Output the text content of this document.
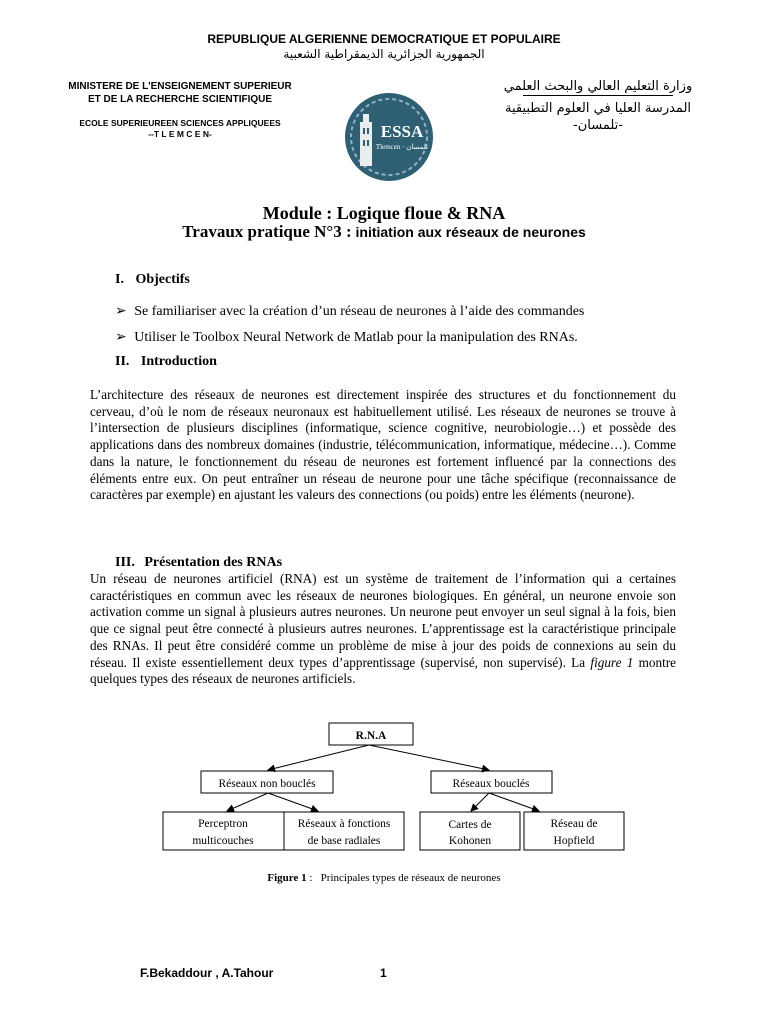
REPUBLIQUE ALGERIENNE DEMOCRATIQUE ET POPULAIRE
الجمهورية الجزائرية الديمقراطية الشعبية
MINISTERE DE L'ENSEIGNEMENT SUPERIEUR
ET DE LA RECHERCHE SCIENTIFIQUE
ECOLE SUPERIEUREEN SCIENCES APPLIQUEES
--T L E M C E N-	ESSA
Tlemcen · تلمسان
وزارة التعليم العالي والبحث العلمي
المدرسة العليا في العلوم التطبيقية
-تلمسان-
Module : Logique floue & RNA
Travaux pratique N°3 : initiation aux réseaux de neurones
I. Objectifs
➢ Se familiariser avec la création d’un réseau de neurones à l’aide des commandes
➢ Utiliser le Toolbox Neural Network de Matlab pour la manipulation des RNAs.
II. Introduction

L’architecture des réseaux de neurones est directement inspirée des structures et du fonctionnement du cerveau, d’où le nom de réseaux neuronaux est habituellement utilisé. Les réseaux de neurones se trouve à l’intersection de plusieurs disciplines (informatique, science cognitive, neurobiologie…) et possède des applications dans des nombreux domaines (industrie, télécommunication, informatique, médecine…). Comme dans la nature, le fonctionnement du réseau de neurones est fortement influencé par la connections des éléments entre eux. On peut entraîner un réseau de neurone pour une tâche spécifique (reconnaissance de caractères par exemple) en ajustant les valeurs des connections (ou poids) entre les éléments (neurone).

III. Présentation des RNAs

Un réseau de neurones artificiel (RNA) est un système de traitement de l’information qui a certaines caractéristiques en commun avec les réseaux de neurones biologiques. En général, un neurone envoie son activation comme un signal à plusieurs autres neurones. Un neurone peut envoyer un seul signal à la fois, bien que ce signal peut être connecté à plusieurs autres neurones. L’apprentissage est la caractéristique principale des RNAs. Il peut être considéré comme un problème de mise à jour des poids de connexions au sein du réseau. Il existe essentiellement deux types d’apprentissage (supervisé, non supervisé). La figure 1 montre quelques types des réseaux de neurones artificiels.

R.N.A
Réseaux non bouclés	Réseaux bouclés
Perceptron
multicouches
Réseaux à fonctions
de base radiales
Cartes de
Kohonen
Réseau de
Hopfield
Figure 1 :   Principales types de réseaux de neurones
F.Bekaddour , A.Tahour	1
